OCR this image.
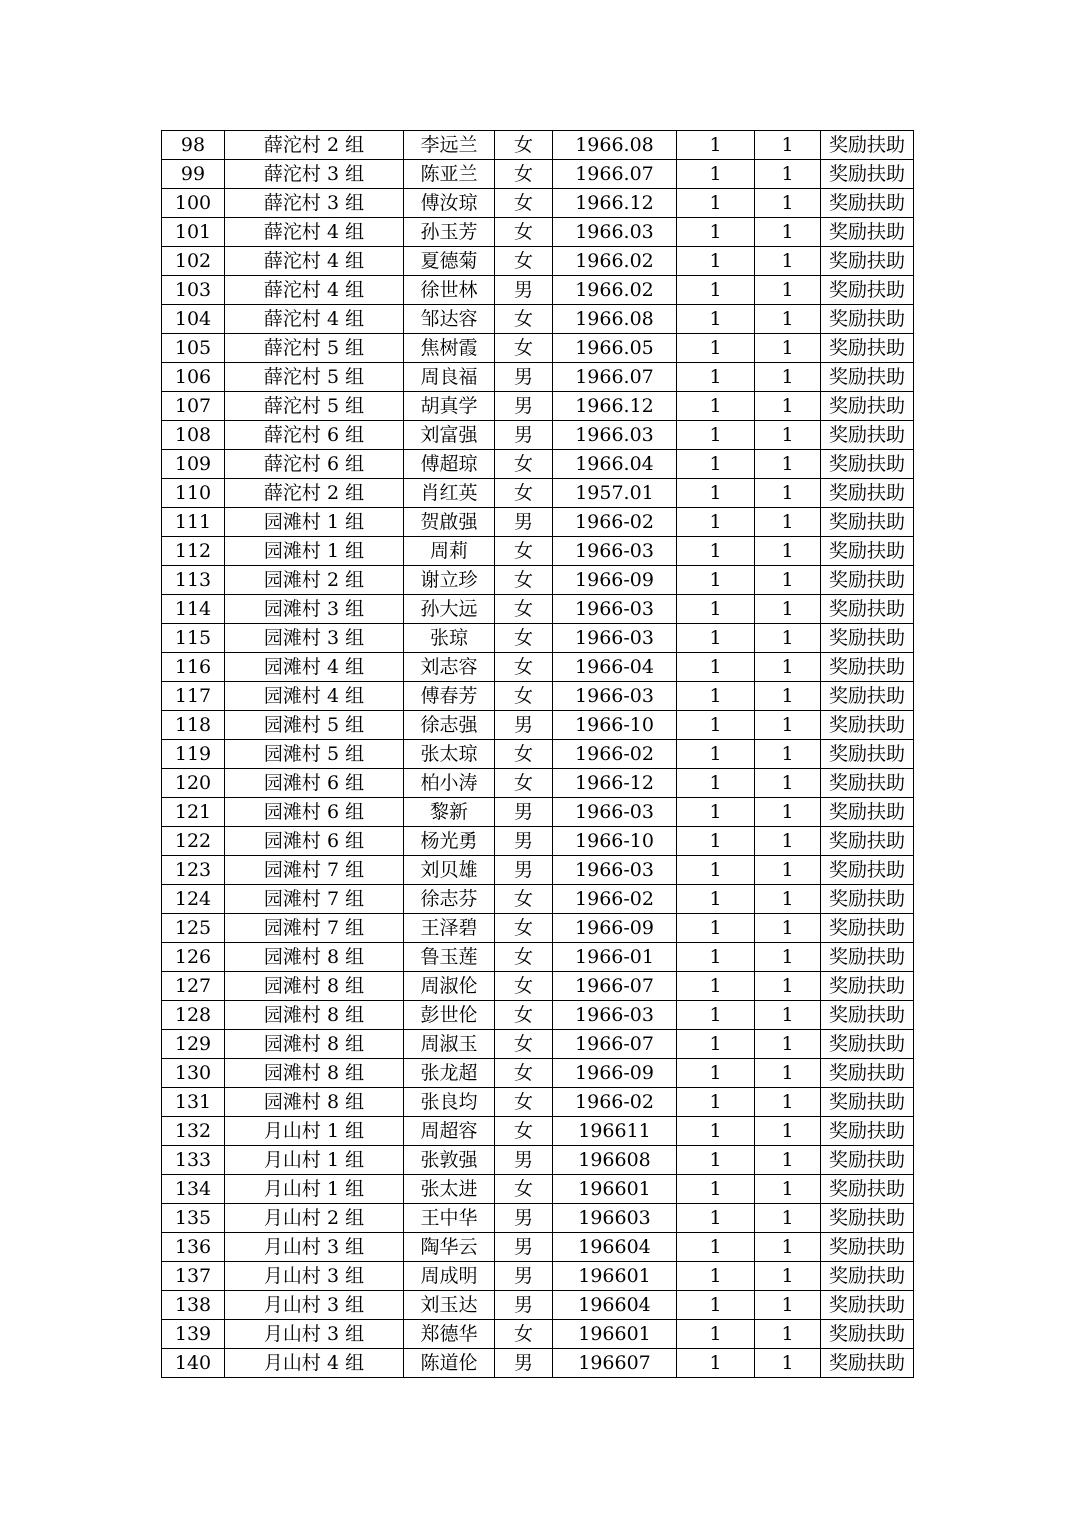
98	薛沱村 2 组	李远兰	女	1966.08	1	1	奖励扶助
99	薛沱村 3 组	陈亚兰	女	1966.07	1	1	奖励扶助
100	薛沱村 3 组	傅汝琼	女	1966.12	1	1	奖励扶助
101	薛沱村 4 组	孙玉芳	女	1966.03	1	1	奖励扶助
102	薛沱村 4 组	夏德菊	女	1966.02	1	1	奖励扶助
103	薛沱村 4 组	徐世林	男	1966.02	1	1	奖励扶助
104	薛沱村 4 组	邹达容	女	1966.08	1	1	奖励扶助
105	薛沱村 5 组	焦树霞	女	1966.05	1	1	奖励扶助
106	薛沱村 5 组	周良福	男	1966.07	1	1	奖励扶助
107	薛沱村 5 组	胡真学	男	1966.12	1	1	奖励扶助
108	薛沱村 6 组	刘富强	男	1966.03	1	1	奖励扶助
109	薛沱村 6 组	傅超琼	女	1966.04	1	1	奖励扶助
110	薛沱村 2 组	肖红英	女	1957.01	1	1	奖励扶助
111	园滩村 1 组	贺啟强	男	1966-02	1	1	奖励扶助
112	园滩村 1 组	周莉	女	1966-03	1	1	奖励扶助
113	园滩村 2 组	谢立珍	女	1966-09	1	1	奖励扶助
114	园滩村 3 组	孙大远	女	1966-03	1	1	奖励扶助
115	园滩村 3 组	张琼	女	1966-03	1	1	奖励扶助
116	园滩村 4 组	刘志容	女	1966-04	1	1	奖励扶助
117	园滩村 4 组	傅春芳	女	1966-03	1	1	奖励扶助
118	园滩村 5 组	徐志强	男	1966-10	1	1	奖励扶助
119	园滩村 5 组	张太琼	女	1966-02	1	1	奖励扶助
120	园滩村 6 组	柏小涛	女	1966-12	1	1	奖励扶助
121	园滩村 6 组	黎新	男	1966-03	1	1	奖励扶助
122	园滩村 6 组	杨光勇	男	1966-10	1	1	奖励扶助
123	园滩村 7 组	刘贝雄	男	1966-03	1	1	奖励扶助
124	园滩村 7 组	徐志芬	女	1966-02	1	1	奖励扶助
125	园滩村 7 组	王泽碧	女	1966-09	1	1	奖励扶助
126	园滩村 8 组	鲁玉莲	女	1966-01	1	1	奖励扶助
127	园滩村 8 组	周淑伦	女	1966-07	1	1	奖励扶助
128	园滩村 8 组	彭世伦	女	1966-03	1	1	奖励扶助
129	园滩村 8 组	周淑玉	女	1966-07	1	1	奖励扶助
130	园滩村 8 组	张龙超	女	1966-09	1	1	奖励扶助
131	园滩村 8 组	张良均	女	1966-02	1	1	奖励扶助
132	月山村 1 组	周超容	女	196611	1	1	奖励扶助
133	月山村 1 组	张敦强	男	196608	1	1	奖励扶助
134	月山村 1 组	张太进	女	196601	1	1	奖励扶助
135	月山村 2 组	王中华	男	196603	1	1	奖励扶助
136	月山村 3 组	陶华云	男	196604	1	1	奖励扶助
137	月山村 3 组	周成明	男	196601	1	1	奖励扶助
138	月山村 3 组	刘玉达	男	196604	1	1	奖励扶助
139	月山村 3 组	郑德华	女	196601	1	1	奖励扶助
140	月山村 4 组	陈道伦	男	196607	1	1	奖励扶助
